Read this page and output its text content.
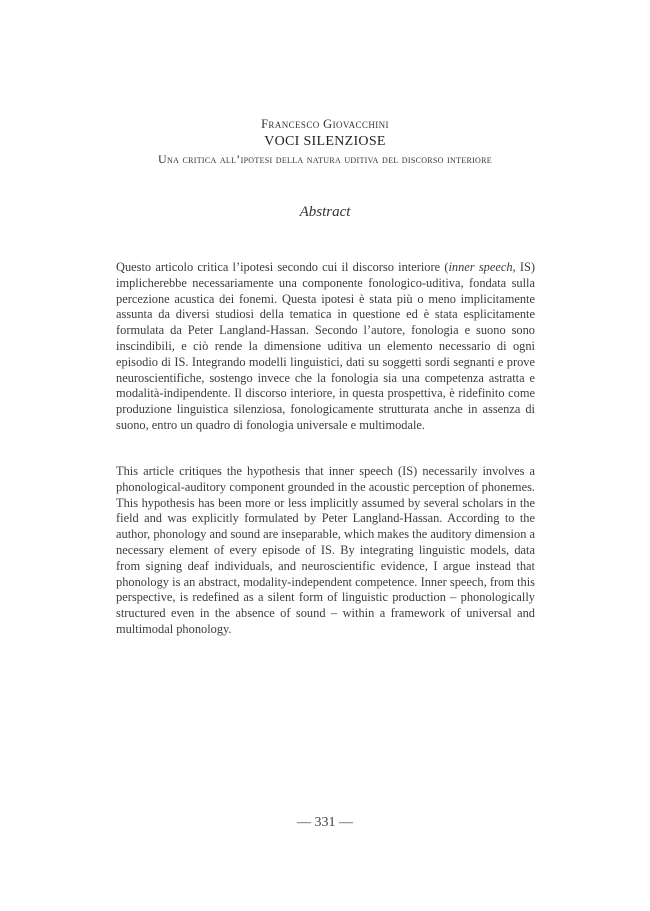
Francesco Giovacchini
VOCI SILENZIOSE
Una critica all’ipotesi della natura uditiva del discorso interiore
Abstract

Questo articolo critica l’ipotesi secondo cui il discorso interiore (inner speech, IS) implicherebbe necessariamente una componente fonologico-uditiva, fondata sulla percezione acustica dei fonemi. Questa ipotesi è stata più o meno implicitamente assunta da diversi studiosi della tematica in questione ed è stata esplicitamente formulata da Peter Langland-Hassan. Secondo l’autore, fonologia e suono sono inscindibili, e ciò rende la dimensione uditiva un elemento necessario di ogni episodio di IS. Integrando modelli linguistici, dati su soggetti sordi segnanti e prove neuroscientifiche, sostengo invece che la fonologia sia una competenza astratta e modalità-indipendente. Il discorso interiore, in questa prospettiva, è ridefinito come produzione linguistica silenziosa, fonologicamente strutturata anche in assenza di suono, entro un quadro di fonologia universale e multimodale.

This article critiques the hypothesis that inner speech (IS) necessarily involves a phonological-auditory component grounded in the acoustic perception of phonemes. This hypothesis has been more or less implicitly assumed by several scholars in the field and was explicitly formulated by Peter Langland-Hassan. According to the author, phonology and sound are inseparable, which makes the auditory dimension a necessary element of every episode of IS. By integrating linguistic models, data from signing deaf individuals, and neuroscientific evidence, I argue instead that phonology is an abstract, modality-independent competence. Inner speech, from this perspective, is redefined as a silent form of linguistic production – phonologically structured even in the absence of sound – within a framework of universal and multimodal phonology.

— 331 —
